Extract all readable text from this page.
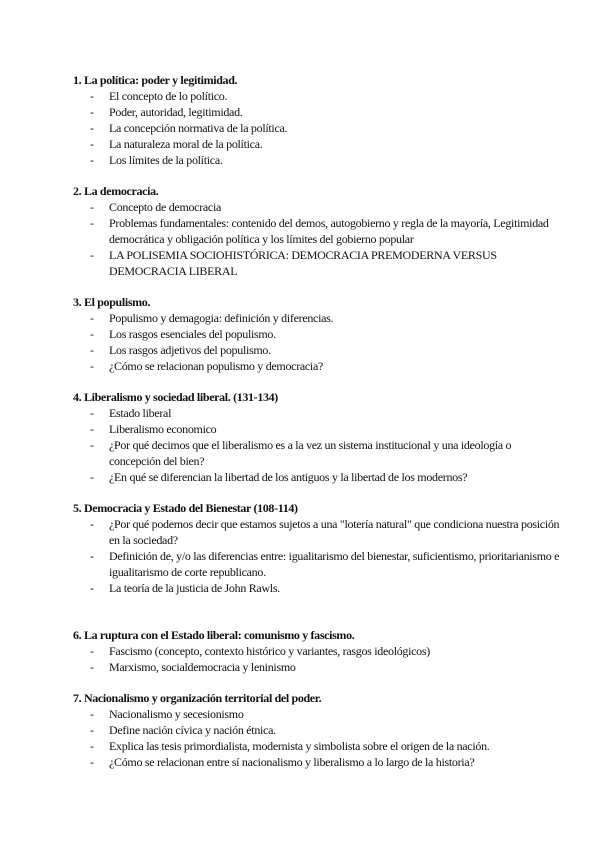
1. La política: poder y legitimidad.

- El concepto de lo político.
- Poder, autoridad, legitimidad.
- La concepción normativa de la política.
- La naturaleza moral de la política.
- Los límites de la política.

2. La democracia.

- Concepto de democracia
- Problemas fundamentales: contenido del demos, autogobierno y regla de la mayoría, Legitimidad democrática y obligación política y los límites del gobierno popular
- LA POLISEMIA SOCIOHISTÓRICA: DEMOCRACIA PREMODERNA VERSUS DEMOCRACIA LIBERAL

3. El populismo.

- Populismo y demagogia: definición y diferencias.
- Los rasgos esenciales del populismo.
- Los rasgos adjetivos del populismo.
- ¿Cómo se relacionan populismo y democracia?

4. Liberalismo y sociedad liberal. (131-134)

- Estado liberal
- Liberalismo economico
- ¿Por qué decimos que el liberalismo es a la vez un sistema institucional y una ideología o concepción del bien?
- ¿En qué se diferencian la libertad de los antiguos y la libertad de los modernos?

5. Democracia y Estado del Bienestar (108-114)

- ¿Por qué podemos decir que estamos sujetos a una "lotería natural" que condiciona nuestra posición en la sociedad?
- Definición de, y/o las diferencias entre: igualitarismo del bienestar, suficientismo, prioritarianismo e igualitarismo de corte republicano.
- La teoría de la justicia de John Rawls.

6. La ruptura con el Estado liberal: comunismo y fascismo.

- Fascismo (concepto, contexto histórico y variantes, rasgos ideológicos)
- Marxismo, socialdemocracia y leninismo

7. Nacionalismo y organización territorial del poder.

- Nacionalismo y secesionismo
- Define nación cívica y nación étnica.
- Explica las tesis primordialista, modernista y simbolista sobre el origen de la nación.
- ¿Cómo se relacionan entre sí nacionalismo y liberalismo a lo largo de la historia?
